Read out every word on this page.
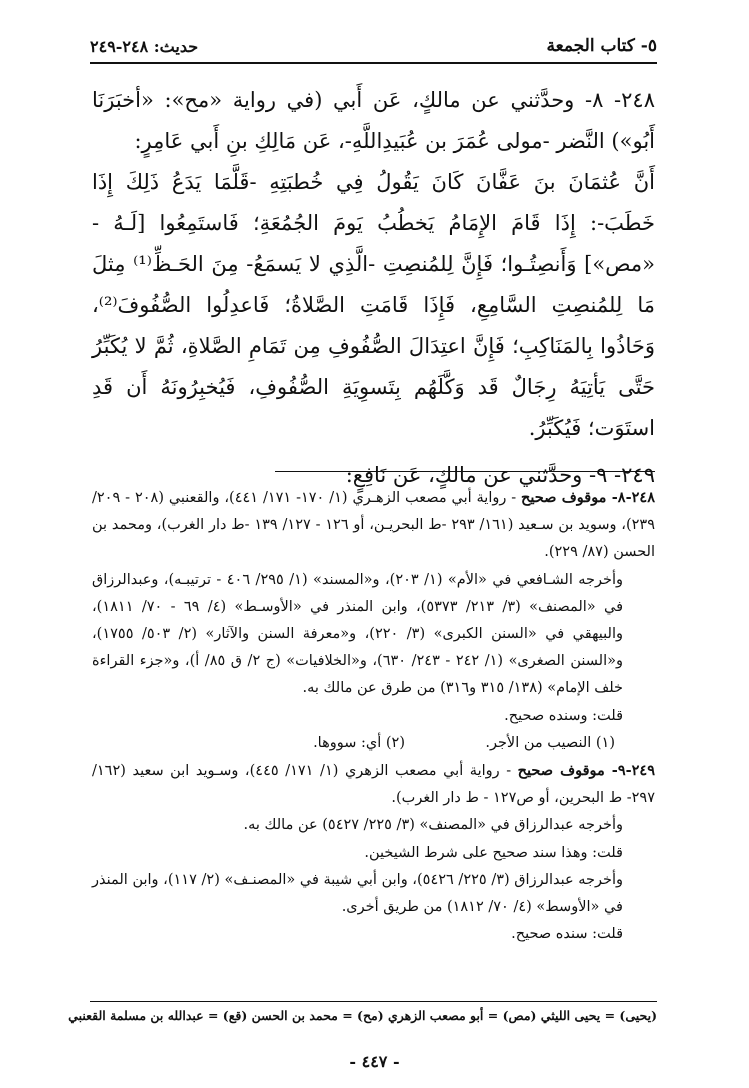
٥- كتاب الجمعة
حديث: ٢٤٨-٢٤٩

٢٤٨- ٨- وحدَّثني عن مالكٍ، عَن أَبي (في رواية «مح»: «أخبَرَنَا أَبُو») النَّضر -مولى عُمَرَ بن عُبَيدِاللَّهِ-، عَن مَالِكِ بنِ أَبي عَامِرٍ:

أَنَّ عُثمَانَ بنَ عَفَّانَ كَانَ يَقُولُ فِي خُطبَتِهِ -قَلَّمَا يَدَعُ ذَلِكَ إِذَا خَطَبَ-: إِذَا قَامَ الإِمَامُ يَخطُبُ يَومَ الجُمُعَةِ؛ فَاستَمِعُوا [لَـهُ - «مص»] وَأَنصِتُـوا؛ فَإِنَّ لِلمُنصِتِ -الَّذِي لا يَسمَعُ- مِنَ الحَـظِّ⁽¹⁾ مِثلَ مَا لِلمُنصِتِ السَّامِعِ، فَإِذَا قَامَتِ الصَّلاةُ؛ فَاعدِلُوا الصُّفُوفَ⁽²⁾، وَحَاذُوا بِالمَنَاكِبِ؛ فَإِنَّ اعتِدَالَ الصُّفُوفِ مِن تَمَامِ الصَّلاةِ، ثُمَّ لا يُكَبِّرُ حَتَّى يَأتِيَهُ رِجَالٌ قَد وَكَّلَهُم بِتَسوِيَةِ الصُّفُوفِ، فَيُخبِرُونَهُ أَن قَدِ استَوَت؛ فَيُكَبِّرُ.

٢٤٩- ٩- وحدَّثني عن مالكٍ، عَن نَافِعٍ:

٢٤٨-٨- موقوف صحيح - رواية أبي مصعب الزهـري (١/ ١٧٠- ١٧١/ ٤٤١)، والقعنبي (٢٠٨ - ٢٠٩/ ٢٣٩)، وسويد بن سـعيد (١٦١/ ٢٩٣ -ط البحريـن، أو ١٢٦ - ١٢٧/ ١٣٩ -ط دار الغرب)، ومحمد بن الحسن (٨٧/ ٢٢٩).

وأخرجه الشـافعي في «الأم» (١/ ٢٠٣)، و«المسند» (١/ ٢٩٥/ ٤٠٦ - ترتيبـه)، وعبدالرزاق في «المصنف» (٣/ ٢١٣/ ٥٣٧٣)، وابن المنذر في «الأوسـط» (٤/ ٦٩ - ٧٠/ ١٨١١)، والبيهقي في «السنن الكبرى» (٣/ ٢٢٠)، و«معرفة السنن والآثار» (٢/ ٥٠٣/ ١٧٥٥)، و«السنن الصغرى» (١/ ٢٤٢ - ٢٤٣/ ٦٣٠)، و«الخلافيات» (ج ٢/ ق ٨٥/ أ)، و«جزء القراءة خلف الإمام» (١٣٨/ ٣١٥ و٣١٦) من طرق عن مالك به.

قلت: وسنده صحيح.

(١) النصيب من الأجر.
(٢) أي: سووها.

٢٤٩-٩- موقوف صحيح - رواية أبي مصعب الزهري (١/ ١٧١/ ٤٤٥)، وسـويد ابن سعيد (١٦٢/ ٢٩٧- ط البحرين، أو ص١٢٧ - ط دار الغرب).

وأخرجه عبدالرزاق في «المصنف» (٣/ ٢٢٥/ ٥٤٢٧) عن مالك به.

قلت: وهذا سند صحيح على شرط الشيخين.

وأخرجه عبدالرزاق (٣/ ٢٢٥/ ٥٤٢٦)، وابن أبي شيبة في «المصنـف» (٢/ ١١٧)، وابن المنذر في «الأوسط» (٤/ ٧٠/ ١٨١٢) من طريق أخرى.

قلت: سنده صحيح.

(يحيى) = يحيى الليثي (مص) = أبو مصعب الزهري (مح) = محمد بن الحسن (قع) = عبدالله بن مسلمة القعنبي
- ٤٤٧ -
